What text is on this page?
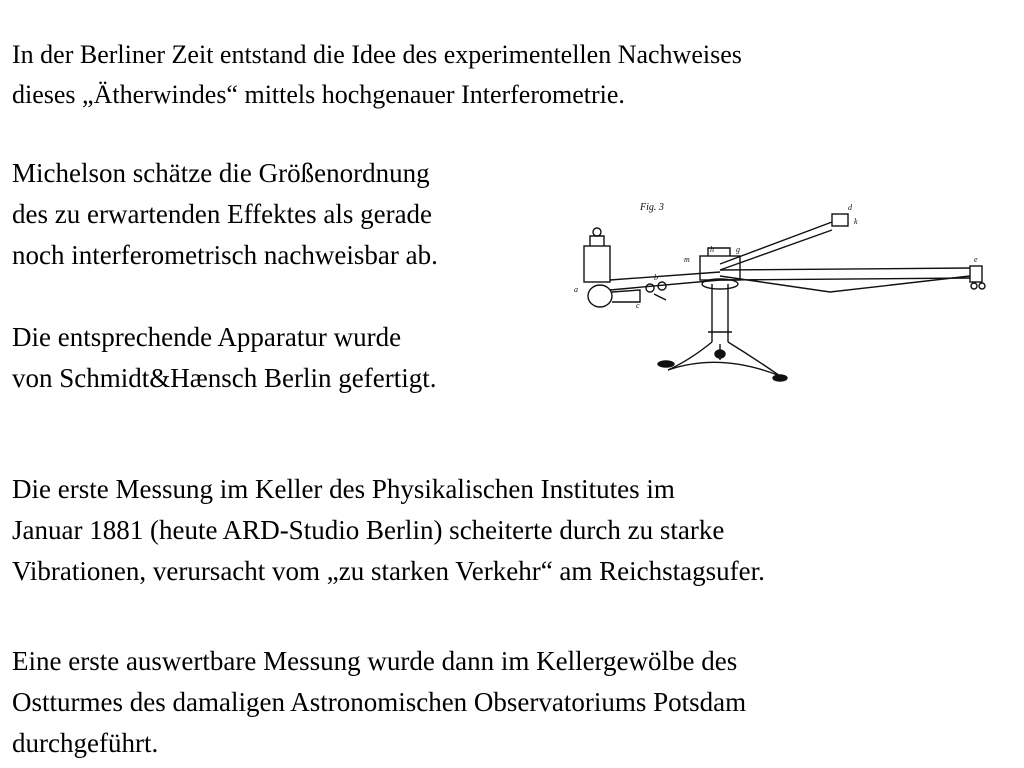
In der Berliner Zeit entstand die Idee des experimentellen Nachweises
dieses „Ätherwindes“ mittels hochgenauer Interferometrie.
Michelson schätze die Größenordnung
des zu erwartenden Effektes als gerade
noch interferometrisch nachweisbar ab.
Die entsprechende Apparatur wurde
von Schmidt&Hænsch Berlin gefertigt.
Die erste Messung im Keller des Physikalischen Institutes im
Januar 1881 (heute ARD-Studio Berlin) scheiterte durch zu starke
Vibrationen, verursacht vom „zu starken Verkehr“ am Reichstagsufer.
Eine erste auswertbare Messung wurde dann im Kellergewölbe des
Ostturmes des damaligen Astronomischen Observatoriums Potsdam
durchgeführt.
Fig. 3	d
k
h	g
m
a
e
c
b
